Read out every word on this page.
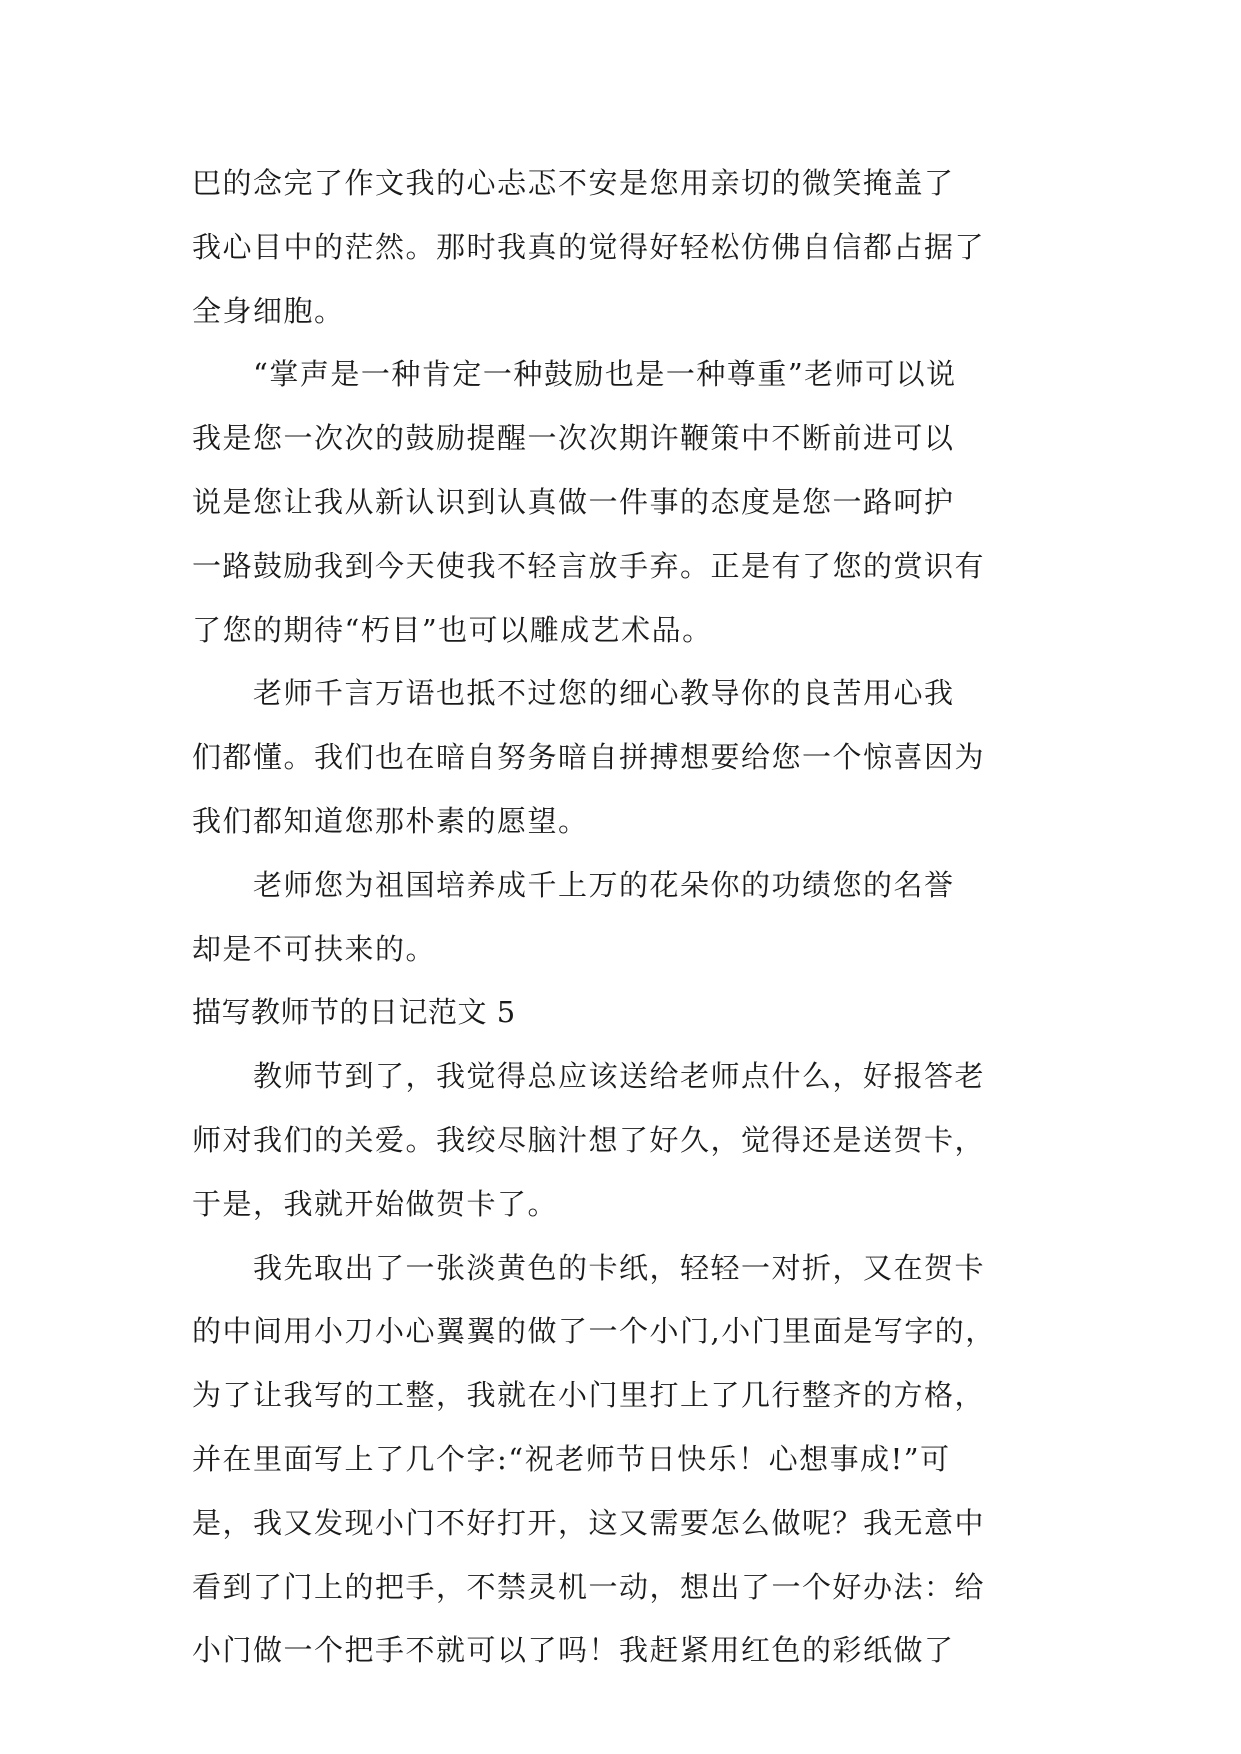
巴的念完了作文我的心忐忑不安是您用亲切的微笑掩盖了
我心目中的茫然。那时我真的觉得好轻松仿佛自信都占据了
全身细胞。
　　“掌声是一种肯定一种鼓励也是一种尊重”老师可以说
我是您一次次的鼓励提醒一次次期许鞭策中不断前进可以
说是您让我从新认识到认真做一件事的态度是您一路呵护
一路鼓励我到今天使我不轻言放手弃。正是有了您的赏识有
了您的期待“朽目”也可以雕成艺术品。
　　老师千言万语也抵不过您的细心教导你的良苦用心我
们都懂。我们也在暗自努务暗自拼搏想要给您一个惊喜因为
我们都知道您那朴素的愿望。
　　老师您为祖国培养成千上万的花朵你的功绩您的名誉
却是不可扶来的。
描写教师节的日记范文 5
　　教师节到了，我觉得总应该送给老师点什么，好报答老
师对我们的关爱。我绞尽脑汁想了好久，觉得还是送贺卡，
于是，我就开始做贺卡了。
　　我先取出了一张淡黄色的卡纸，轻轻一对折，又在贺卡
的中间用小刀小心翼翼的做了一个小门,小门里面是写字的，
为了让我写的工整，我就在小门里打上了几行整齐的方格，
并在里面写上了几个字:“祝老师节日快乐！心想事成!”可
是，我又发现小门不好打开，这又需要怎么做呢？我无意中
看到了门上的把手，不禁灵机一动，想出了一个好办法：给
小门做一个把手不就可以了吗！我赶紧用红色的彩纸做了
